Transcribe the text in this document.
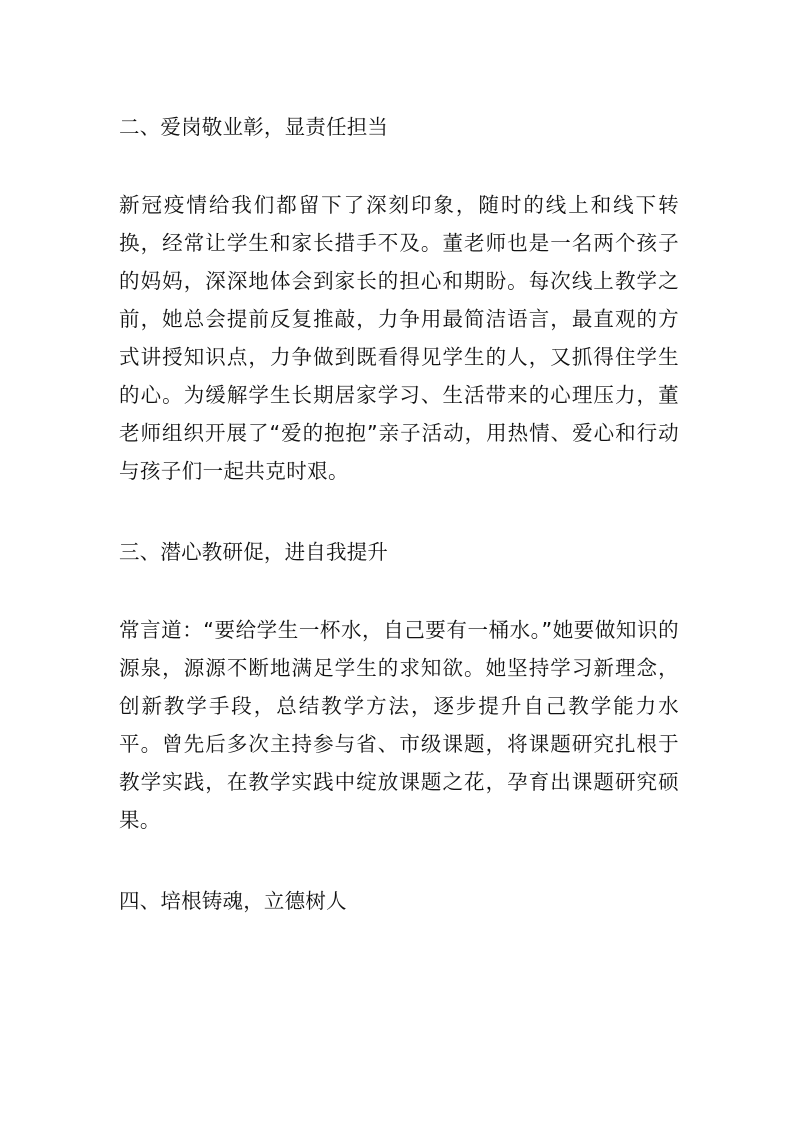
二、爱岗敬业彰，显责任担当

新冠疫情给我们都留下了深刻印象，随时的线上和线下转换，经常让学生和家长措手不及。董老师也是一名两个孩子的妈妈，深深地体会到家长的担心和期盼。每次线上教学之前，她总会提前反复推敲，力争用最简洁语言，最直观的方式讲授知识点，力争做到既看得见学生的人，又抓得住学生的心。为缓解学生长期居家学习、生活带来的心理压力，董老师组织开展了“爱的抱抱”亲子活动，用热情、爱心和行动与孩子们一起共克时艰。

三、潜心教研促，进自我提升

常言道：“要给学生一杯水，自己要有一桶水。”她要做知识的源泉，源源不断地满足学生的求知欲。她坚持学习新理念，创新教学手段，总结教学方法，逐步提升自己教学能力水平。曾先后多次主持参与省、市级课题，将课题研究扎根于教学实践，在教学实践中绽放课题之花，孕育出课题研究硕果。

四、培根铸魂，立德树人
